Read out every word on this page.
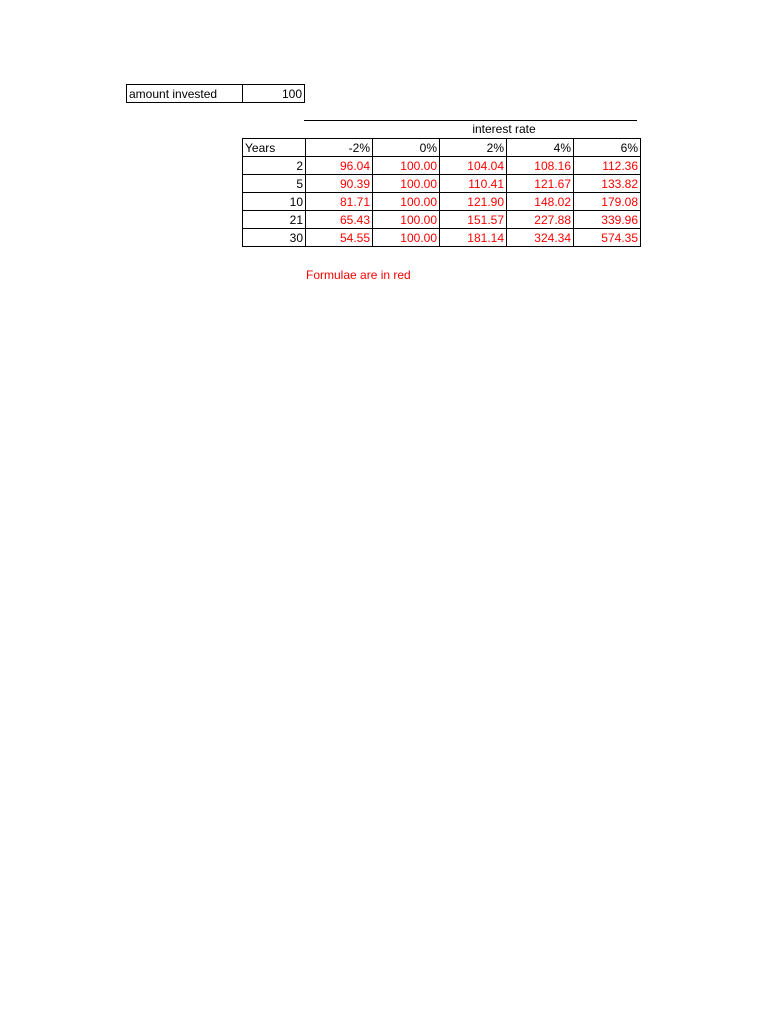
amount invested	100
interest rate
Years	-2%	0%	2%	4%	6%
2	96.04	100.00	104.04	108.16	112.36
5	90.39	100.00	110.41	121.67	133.82
10	81.71	100.00	121.90	148.02	179.08
21	65.43	100.00	151.57	227.88	339.96
30	54.55	100.00	181.14	324.34	574.35
Formulae are in red
